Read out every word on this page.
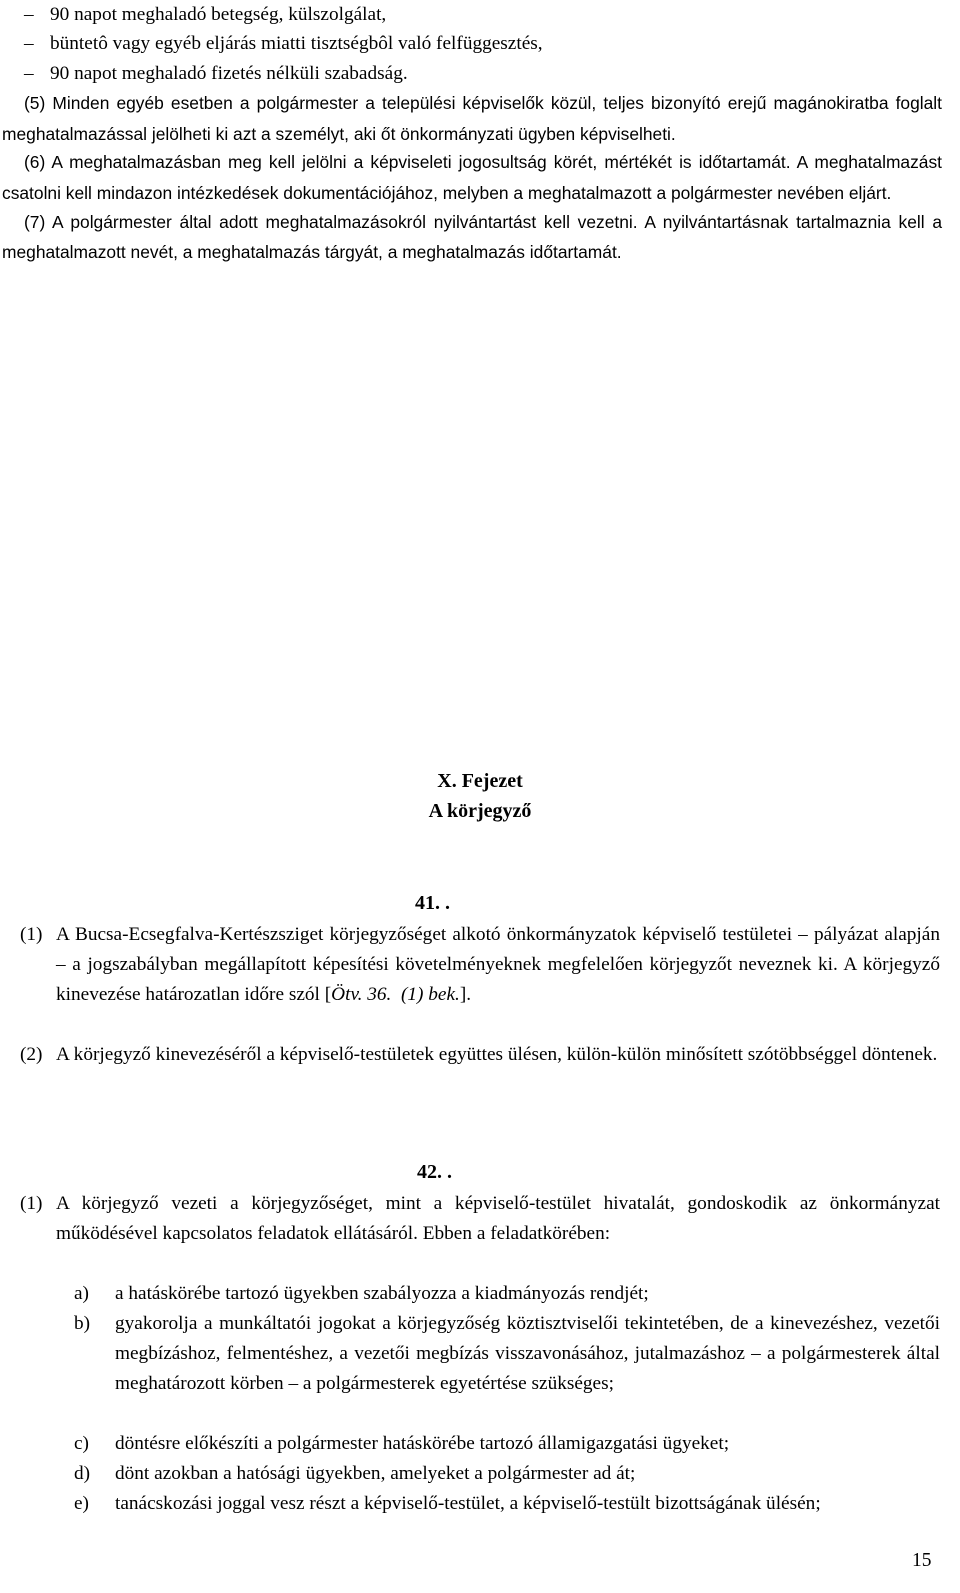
– 90 napot meghaladó betegség, külszolgálat,
– büntetô vagy egyéb eljárás miatti tisztségbôl való felfüggesztés,
– 90 napot meghaladó fizetés nélküli szabadság.

(5) Minden egyéb esetben a polgármester a települési képviselők közül, teljes bizonyító erejű magánokiratba foglalt meghatalmazással jelölheti ki azt a személyt, aki őt önkormányzati ügyben képviselheti.

(6) A meghatalmazásban meg kell jelölni a képviseleti jogosultság körét, mértékét is időtartamát. A meghatalmazást csatolni kell mindazon intézkedések dokumentációjához, melyben a meghatalmazott a polgármester nevében eljárt.

(7) A polgármester által adott meghatalmazásokról nyilvántartást kell vezetni. A nyilvántartásnak tartalmaznia kell a meghatalmazott nevét, a meghatalmazás tárgyát, a meghatalmazás időtartamát.

X. Fejezet
A körjegyző
41. .
(1) A Bucsa-Ecsegfalva-Kertészsziget körjegyzőséget alkotó önkormányzatok képviselő testületei – pályázat alapján – a jogszabályban megállapított képesítési követelményeknek megfelelően körjegyzőt neveznek ki. A körjegyző kinevezése határozatlan időre szól [Ötv. 36.  (1) bek.].
(2) A körjegyző kinevezéséről a képviselő-testületek együttes ülésen, külön-külön minősített szótöbbséggel döntenek.
42. .
(1) A körjegyző vezeti a körjegyzőséget, mint a képviselő-testület hivatalát, gondoskodik az önkormányzat működésével kapcsolatos feladatok ellátásáról. Ebben a feladatkörében:
a) a hatáskörébe tartozó ügyekben szabályozza a kiadmányozás rendjét;
b) gyakorolja a munkáltatói jogokat a körjegyzőség köztisztviselői tekintetében, de a kinevezéshez, vezetői megbízáshoz, felmentéshez, a vezetői megbízás visszavonásához, jutalmazáshoz – a polgármesterek által meghatározott körben – a polgármesterek egyetértése szükséges;
c) döntésre előkészíti a polgármester hatáskörébe tartozó államigazgatási ügyeket;
d) dönt azokban a hatósági ügyekben, amelyeket a polgármester ad át;
e) tanácskozási joggal vesz részt a képviselő-testület, a képviselő-testült bizottságának ülésén;
15
